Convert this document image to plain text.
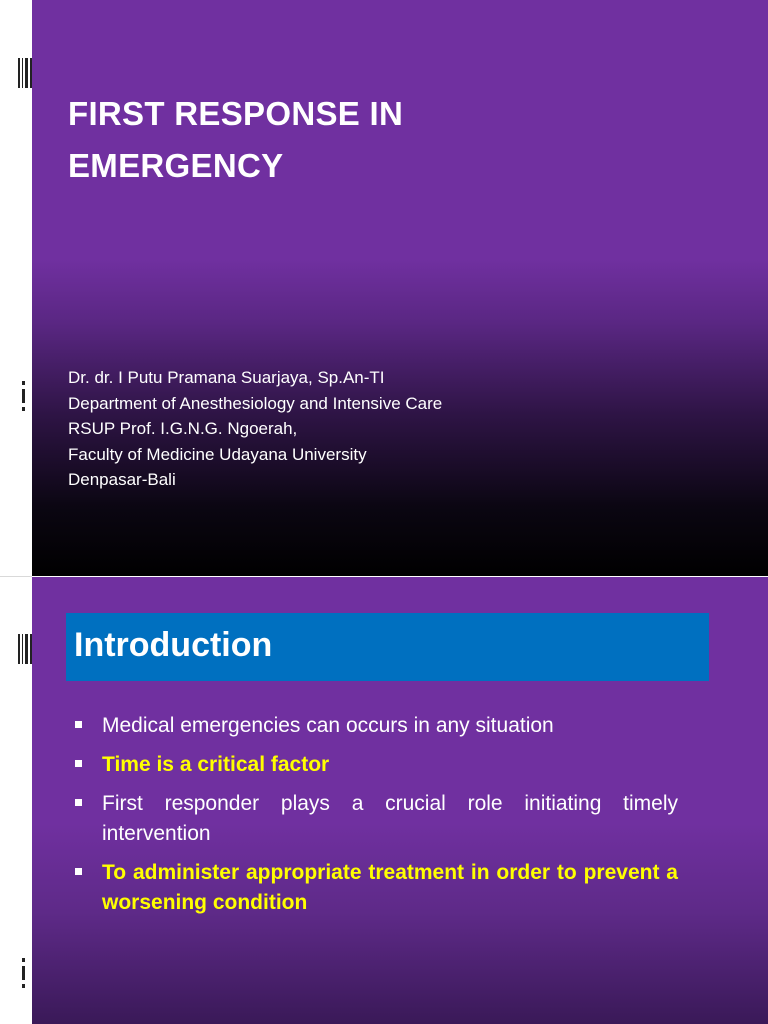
FIRST RESPONSE IN
EMERGENCY

Dr. dr. I Putu Pramana Suarjaya, Sp.An-TI

Department of Anesthesiology and Intensive Care

RSUP Prof. I.G.N.G. Ngoerah,

Faculty of Medicine Udayana University

Denpasar-Bali

Introduction
Medical emergencies can occurs in any situation
Time is a critical factor
First responder plays a crucial role initiating timely intervention
To administer appropriate treatment in order to prevent a worsening condition
